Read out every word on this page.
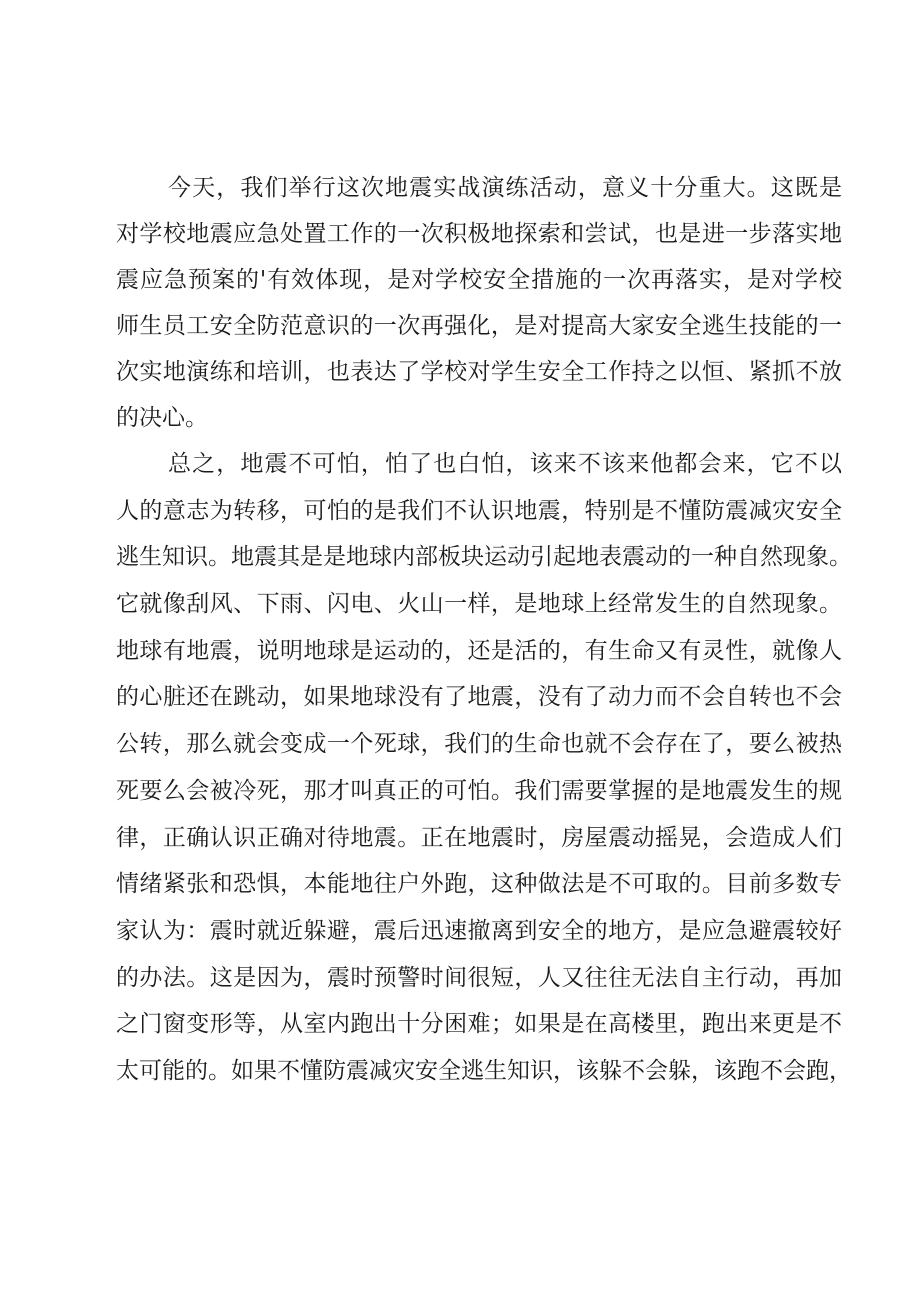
今天，我们举行这次地震实战演练活动，意义十分重大。这既是
对学校地震应急处置工作的一次积极地探索和尝试，也是进一步落实地
震应急预案的'有效体现，是对学校安全措施的一次再落实，是对学校
师生员工安全防范意识的一次再强化，是对提高大家安全逃生技能的一
次实地演练和培训，也表达了学校对学生安全工作持之以恒、紧抓不放
的决心。
总之，地震不可怕，怕了也白怕，该来不该来他都会来，它不以
人的意志为转移，可怕的是我们不认识地震，特别是不懂防震减灾安全
逃生知识。地震其是是地球内部板块运动引起地表震动的一种自然现象。
它就像刮风、下雨、闪电、火山一样，是地球上经常发生的自然现象。
地球有地震，说明地球是运动的，还是活的，有生命又有灵性，就像人
的心脏还在跳动，如果地球没有了地震，没有了动力而不会自转也不会
公转，那么就会变成一个死球，我们的生命也就不会存在了，要么被热
死要么会被冷死，那才叫真正的可怕。我们需要掌握的是地震发生的规
律，正确认识正确对待地震。正在地震时，房屋震动摇晃，会造成人们
情绪紧张和恐惧，本能地往户外跑，这种做法是不可取的。目前多数专
家认为：震时就近躲避，震后迅速撤离到安全的地方，是应急避震较好
的办法。这是因为，震时预警时间很短，人又往往无法自主行动，再加
之门窗变形等，从室内跑出十分困难；如果是在高楼里，跑出来更是不
太可能的。如果不懂防震减灾安全逃生知识，该躲不会躲，该跑不会跑，
